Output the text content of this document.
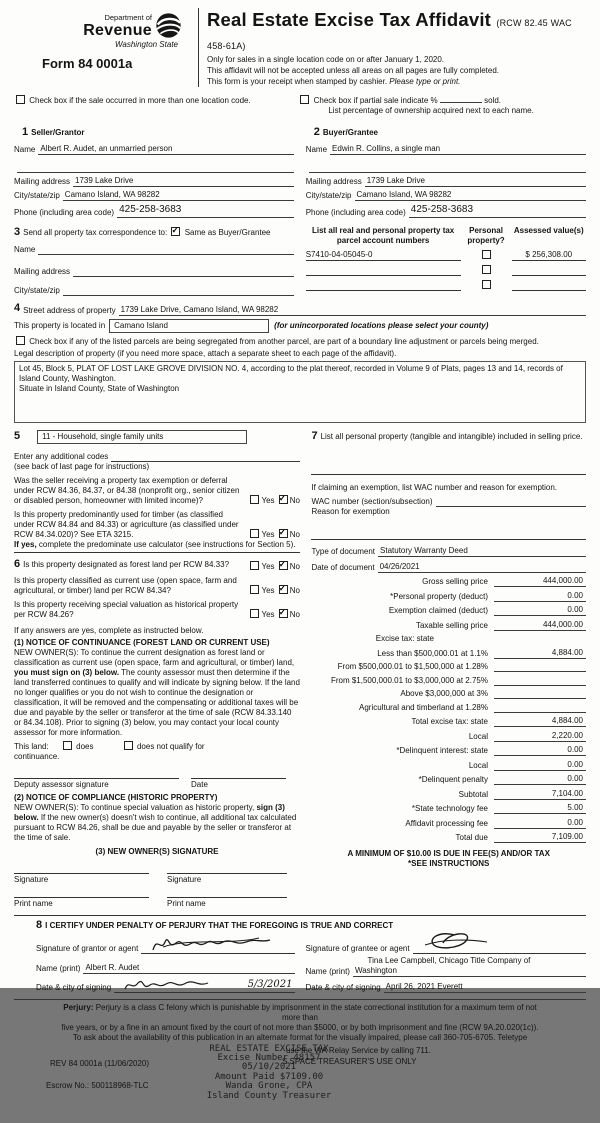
Department of
Revenue
Washington State
Form 84 0001a
Real Estate Excise Tax Affidavit (RCW 82.45 WAC 458-61A)
Only for sales in a single location code on or after January 1, 2020.
This affidavit will not be accepted unless all areas on all pages are fully completed.
This form is your receipt when stamped by cashier. Please type or print.
Check box if the sale occurred in more than one location code.	Check box if partial sale indicate %	sold.
List percentage of ownership acquired next to each name.
1 Seller/Grantor
Name Albert R. Audet, an unmarried person
Mailing address 1739 Lake Drive
City/state/zip Camano Island, WA 98282
Phone (including area code) 425-258-3683
2 Buyer/Grantee
Name Edwin R. Collins, a single man
Mailing address 1739 Lake Drive
City/state/zip Camano Island, WA 98282
Phone (including area code) 425-258-3683
3 Send all property tax correspondence to: ✓ Same as Buyer/Grantee
Name
Mailing address
City/state/zip
List all real and personal property tax parcel account numbers
Personal property?
Assessed value(s)
S7410-04-05045-0	$ 256,308.00
4 Street address of property 1739 Lake Drive, Camano Island, WA 98282
This property is located in	Camano Island	(for unincorporated locations please select your county)
Check box if any of the listed parcels are being segregated from another parcel, are part of a boundary line adjustment or parcels being merged.
Legal description of property (if you need more space, attach a separate sheet to each page of the affidavit).
Lot 45, Block 5, PLAT OF LOST LAKE GROVE DIVISION NO. 4, according to the plat thereof, recorded in Volume 9 of Plats, pages 13 and 14, records of Island County, Washington.
Situate in Island County, State of Washington
5	11 - Household, single family units
Enter any additional codes
(see back of last page for instructions)
Was the seller receiving a property tax exemption or deferral under RCW 84.36, 84.37, or 84.38 (nonprofit org., senior citizen or disabled person, homeowner with limited income)?	Yes ✓ No
Is this property predominantly used for timber (as classified under RCW 84.84 and 84.33) or agriculture (as classified under RCW 84.34.020)? See ETA 3215.	Yes ✓ No
If yes, complete the predominate use calculator (see instructions for Section 5).
6 Is this property designated as forest land per RCW 84.33?	Yes ✓ No
Is this property classified as current use (open space, farm and agricultural, or timber) land per RCW 84.34?	Yes ✓ No
Is this property receiving special valuation as historical property per RCW 84.26?	Yes ✓ No
If any answers are yes, complete as instructed below.
(1) NOTICE OF CONTINUANCE (FOREST LAND OR CURRENT USE)
NEW OWNER(S): To continue the current designation as forest land or classification as current use (open space, farm and agricultural, or timber) land, you must sign on (3) below. The county assessor must then determine if the land transferred continues to qualify and will indicate by signing below. If the land no longer qualifies or you do not wish to continue the designation or classification, it will be removed and the compensating or additional taxes will be due and payable by the seller or transferor at the time of sale (RCW 84.33.140 or 84.34.108). Prior to signing (3) below, you may contact your local county assessor for more information.
This land:	does	does not qualify for
continuance.
Deputy assessor signature	Date
(2) NOTICE OF COMPLIANCE (HISTORIC PROPERTY)
NEW OWNER(S): To continue special valuation as historic property, sign (3) below. If the new owner(s) doesn't wish to continue, all additional tax calculated pursuant to RCW 84.26, shall be due and payable by the seller or transferor at the time of sale.
(3) NEW OWNER(S) SIGNATURE
Signature	Signature
Print name	Print name
7 List all personal property (tangible and intangible) included in selling price.
If claiming an exemption, list WAC number and reason for exemption.
WAC number (section/subsection)
Reason for exemption
Type of document Statutory Warranty Deed
Date of document 04/26/2021
Gross selling price	444,000.00
*Personal property (deduct)	0.00
Exemption claimed (deduct)	0.00
Taxable selling price	444,000.00
Excise tax: state
Less than $500,000.01 at 1.1%	4,884.00
From $500,000.01 to $1,500,000 at 1.28%
From $1,500,000.01 to $3,000,000 at 2.75%
Above $3,000,000 at 3%
Agricultural and timberland at 1.28%
Total excise tax: state	4,884.00
Local	2,220.00
*Delinquent interest: state	0.00
Local	0.00
*Delinquent penalty	0.00
Subtotal	7,104.00
*State technology fee	5.00
Affidavit processing fee	0.00
Total due	7,109.00
A MINIMUM OF $10.00 IS DUE IN FEE(S) AND/OR TAX
*SEE INSTRUCTIONS
8 I CERTIFY UNDER PENALTY OF PERJURY THAT THE FOREGOING IS TRUE AND CORRECT
Signature of grantor or agent
Name (print) Albert R. Audet
Date & city of signing	5/3/2021
Signature of grantee or agent
Tina Lee Campbell, Chicago Title Company of
Name (print) Washington
Date & city of signing April 26, 2021 Everett
Perjury: Perjury is a class C felony which is punishable by imprisonment in the state correctional institution for a maximum term of not
more than
five years, or by a fine in an amount fixed by the court of not more than $5000, or by both imprisonment and fine (RCW 9A.20.020(1c)).
To ask about the availability of this publication in an alternate format for the visually impaired, please call 360-705-6705. Teletype
REV 84 0001a (11/06/2020)
Escrow No.: 500118968-TLC
REAL ESTATE EXCISE TAX
Excise Number 48157
05/10/2021
Amount Paid $7109.00
Wanda Grone, CPA
Island County Treasurer
use the WA Relay Service by calling 711.
S SPACE TREASURER'S USE ONLY
